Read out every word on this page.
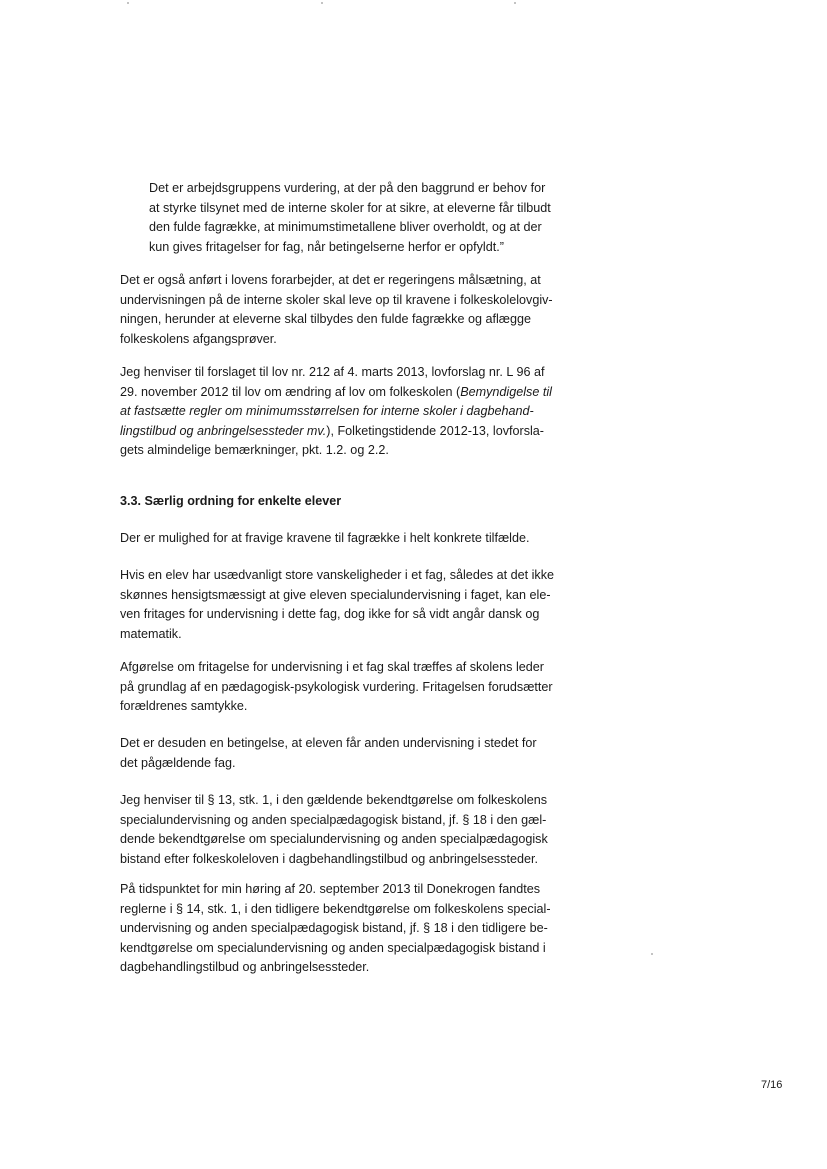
Det er arbejdsgruppens vurdering, at der på den baggrund er behov for
at styrke tilsynet med de interne skoler for at sikre, at eleverne får tilbudt
den fulde fagrække, at minimumstimetallene bliver overholdt, og at der
kun gives fritagelser for fag, når betingelserne herfor er opfyldt.”

Det er også anført i lovens forarbejder, at det er regeringens målsætning, at
undervisningen på de interne skoler skal leve op til kravene i folkeskolelovgiv-
ningen, herunder at eleverne skal tilbydes den fulde fagrække og aflægge
folkeskolens afgangsprøver.

Jeg henviser til forslaget til lov nr. 212 af 4. marts 2013, lovforslag nr. L 96 af
29. november 2012 til lov om ændring af lov om folkeskolen (Bemyndigelse til
at fastsætte regler om minimumsstørrelsen for interne skoler i dagbehand-
lingstilbud og anbringelsessteder mv.), Folketingstidende 2012-13, lovforsla-
gets almindelige bemærkninger, pkt. 1.2. og 2.2.

3.3. Særlig ordning for enkelte elever

Der er mulighed for at fravige kravene til fagrække i helt konkrete tilfælde.

Hvis en elev har usædvanligt store vanskeligheder i et fag, således at det ikke
skønnes hensigtsmæssigt at give eleven specialundervisning i faget, kan ele-
ven fritages for undervisning i dette fag, dog ikke for så vidt angår dansk og
matematik.

Afgørelse om fritagelse for undervisning i et fag skal træffes af skolens leder
på grundlag af en pædagogisk-psykologisk vurdering. Fritagelsen forudsætter
forældrenes samtykke.

Det er desuden en betingelse, at eleven får anden undervisning i stedet for
det pågældende fag.

Jeg henviser til § 13, stk. 1, i den gældende bekendtgørelse om folkeskolens
specialundervisning og anden specialpædagogisk bistand, jf. § 18 i den gæl-
dende bekendtgørelse om specialundervisning og anden specialpædagogisk
bistand efter folkeskoleloven i dagbehandlingstilbud og anbringelsessteder.

På tidspunktet for min høring af 20. september 2013 til Donekrogen fandtes
reglerne i § 14, stk. 1, i den tidligere bekendtgørelse om folkeskolens special-
undervisning og anden specialpædagogisk bistand, jf. § 18 i den tidligere be-
kendtgørelse om specialundervisning og anden specialpædagogisk bistand i
dagbehandlingstilbud og anbringelsessteder.

7/16
